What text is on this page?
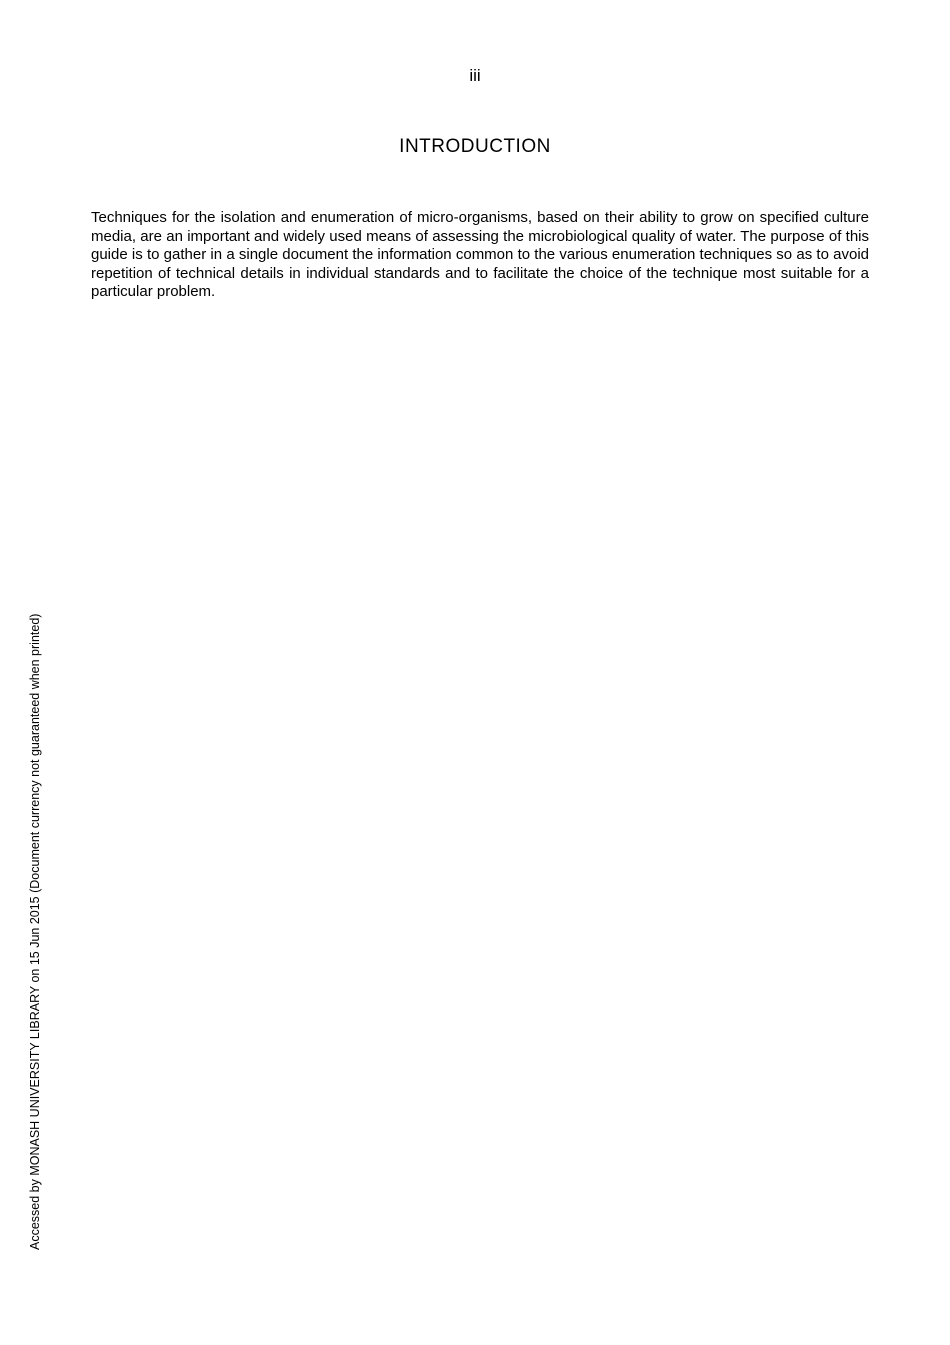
iii
INTRODUCTION

Techniques for the isolation and enumeration of micro-organisms, based on their ability to grow on specified culture media, are an important and widely used means of assessing the microbiological quality of water. The purpose of this guide is to gather in a single document the information common to the various enumeration techniques so as to avoid repetition of technical details in individual standards and to facilitate the choice of the technique most suitable for a particular problem.

Accessed by MONASH UNIVERSITY LIBRARY on 15 Jun 2015 (Document currency not guaranteed when printed)
